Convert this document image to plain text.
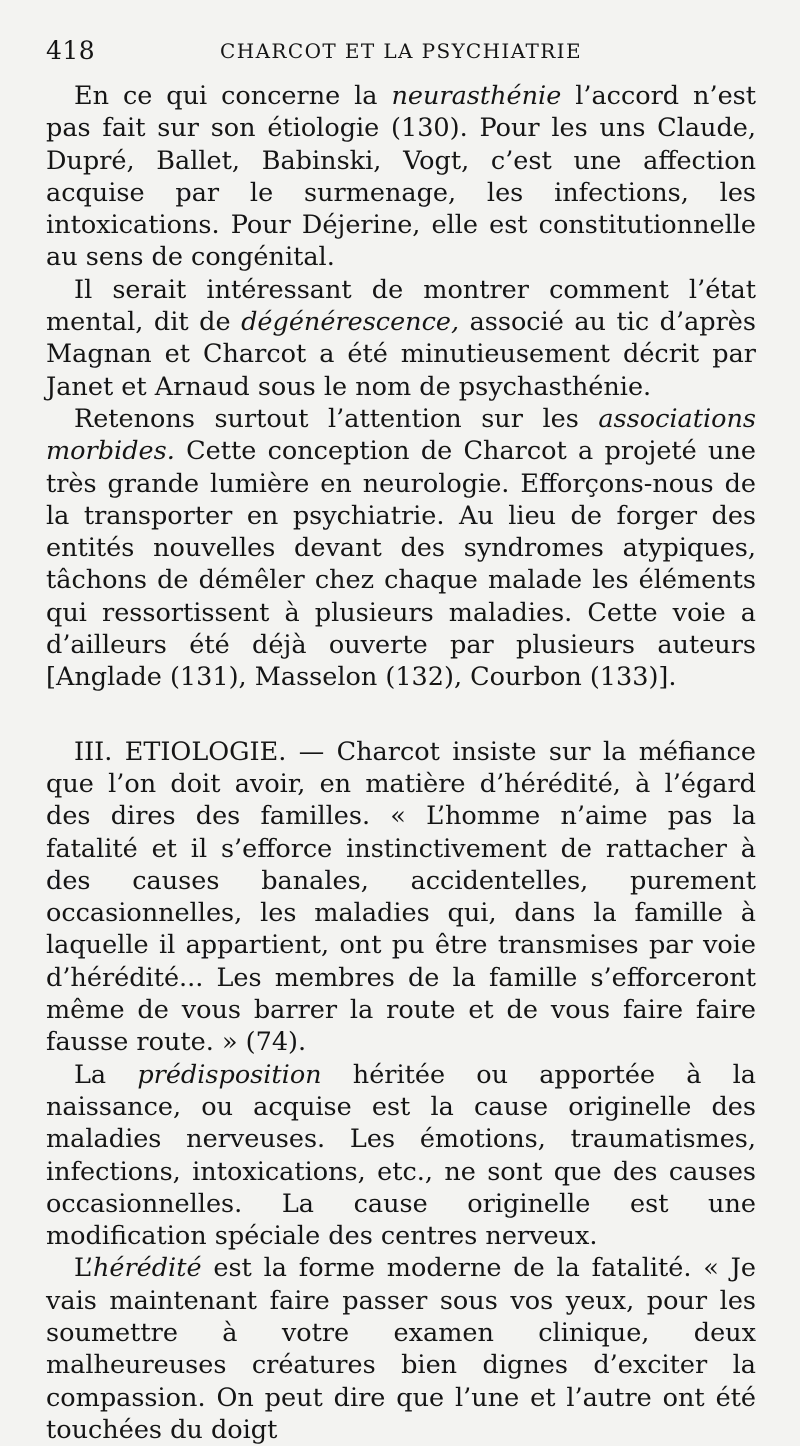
418	CHARCOT ET LA PSYCHIATRIE

En ce qui concerne la neurasthénie l’accord n’est pas fait sur son étiologie (130). Pour les uns Claude, Dupré, Ballet, Babinski, Vogt, c’est une affection acquise par le surmenage, les infections, les intoxications. Pour Déjerine, elle est constitutionnelle au sens de congénital.

Il serait intéressant de montrer comment l’état mental, dit de dégénérescence, associé au tic d’après Magnan et Charcot a été minutieusement décrit par Janet et Arnaud sous le nom de psychasthénie.

Retenons surtout l’attention sur les associations morbides. Cette conception de Charcot a projeté une très grande lumière en neurologie. Efforçons-nous de la transporter en psychiatrie. Au lieu de forger des entités nouvelles devant des syndromes atypiques, tâchons de démêler chez chaque malade les éléments qui ressortissent à plusieurs maladies. Cette voie a d’ailleurs été déjà ouverte par plusieurs auteurs [Anglade (131), Masselon (132), Courbon (133)].

III. ETIOLOGIE. — Charcot insiste sur la méfiance que l’on doit avoir, en matière d’hérédité, à l’égard des dires des familles. « L’homme n’aime pas la fatalité et il s’efforce instinctivement de rattacher à des causes banales, accidentelles, purement occasionnelles, les maladies qui, dans la famille à laquelle il appartient, ont pu être transmises par voie d’hérédité... Les membres de la famille s’efforceront même de vous barrer la route et de vous faire faire fausse route. » (74).

La prédisposition héritée ou apportée à la naissance, ou acquise est la cause originelle des maladies nerveuses. Les émotions, traumatismes, infections, intoxications, etc., ne sont que des causes occasionnelles. La cause originelle est une modification spéciale des centres nerveux.

L’hérédité est la forme moderne de la fatalité. « Je vais maintenant faire passer sous vos yeux, pour les soumettre à votre examen clinique, deux malheureuses créatures bien dignes d’exciter la compassion. On peut dire que l’une et l’autre ont été touchées du doigt
